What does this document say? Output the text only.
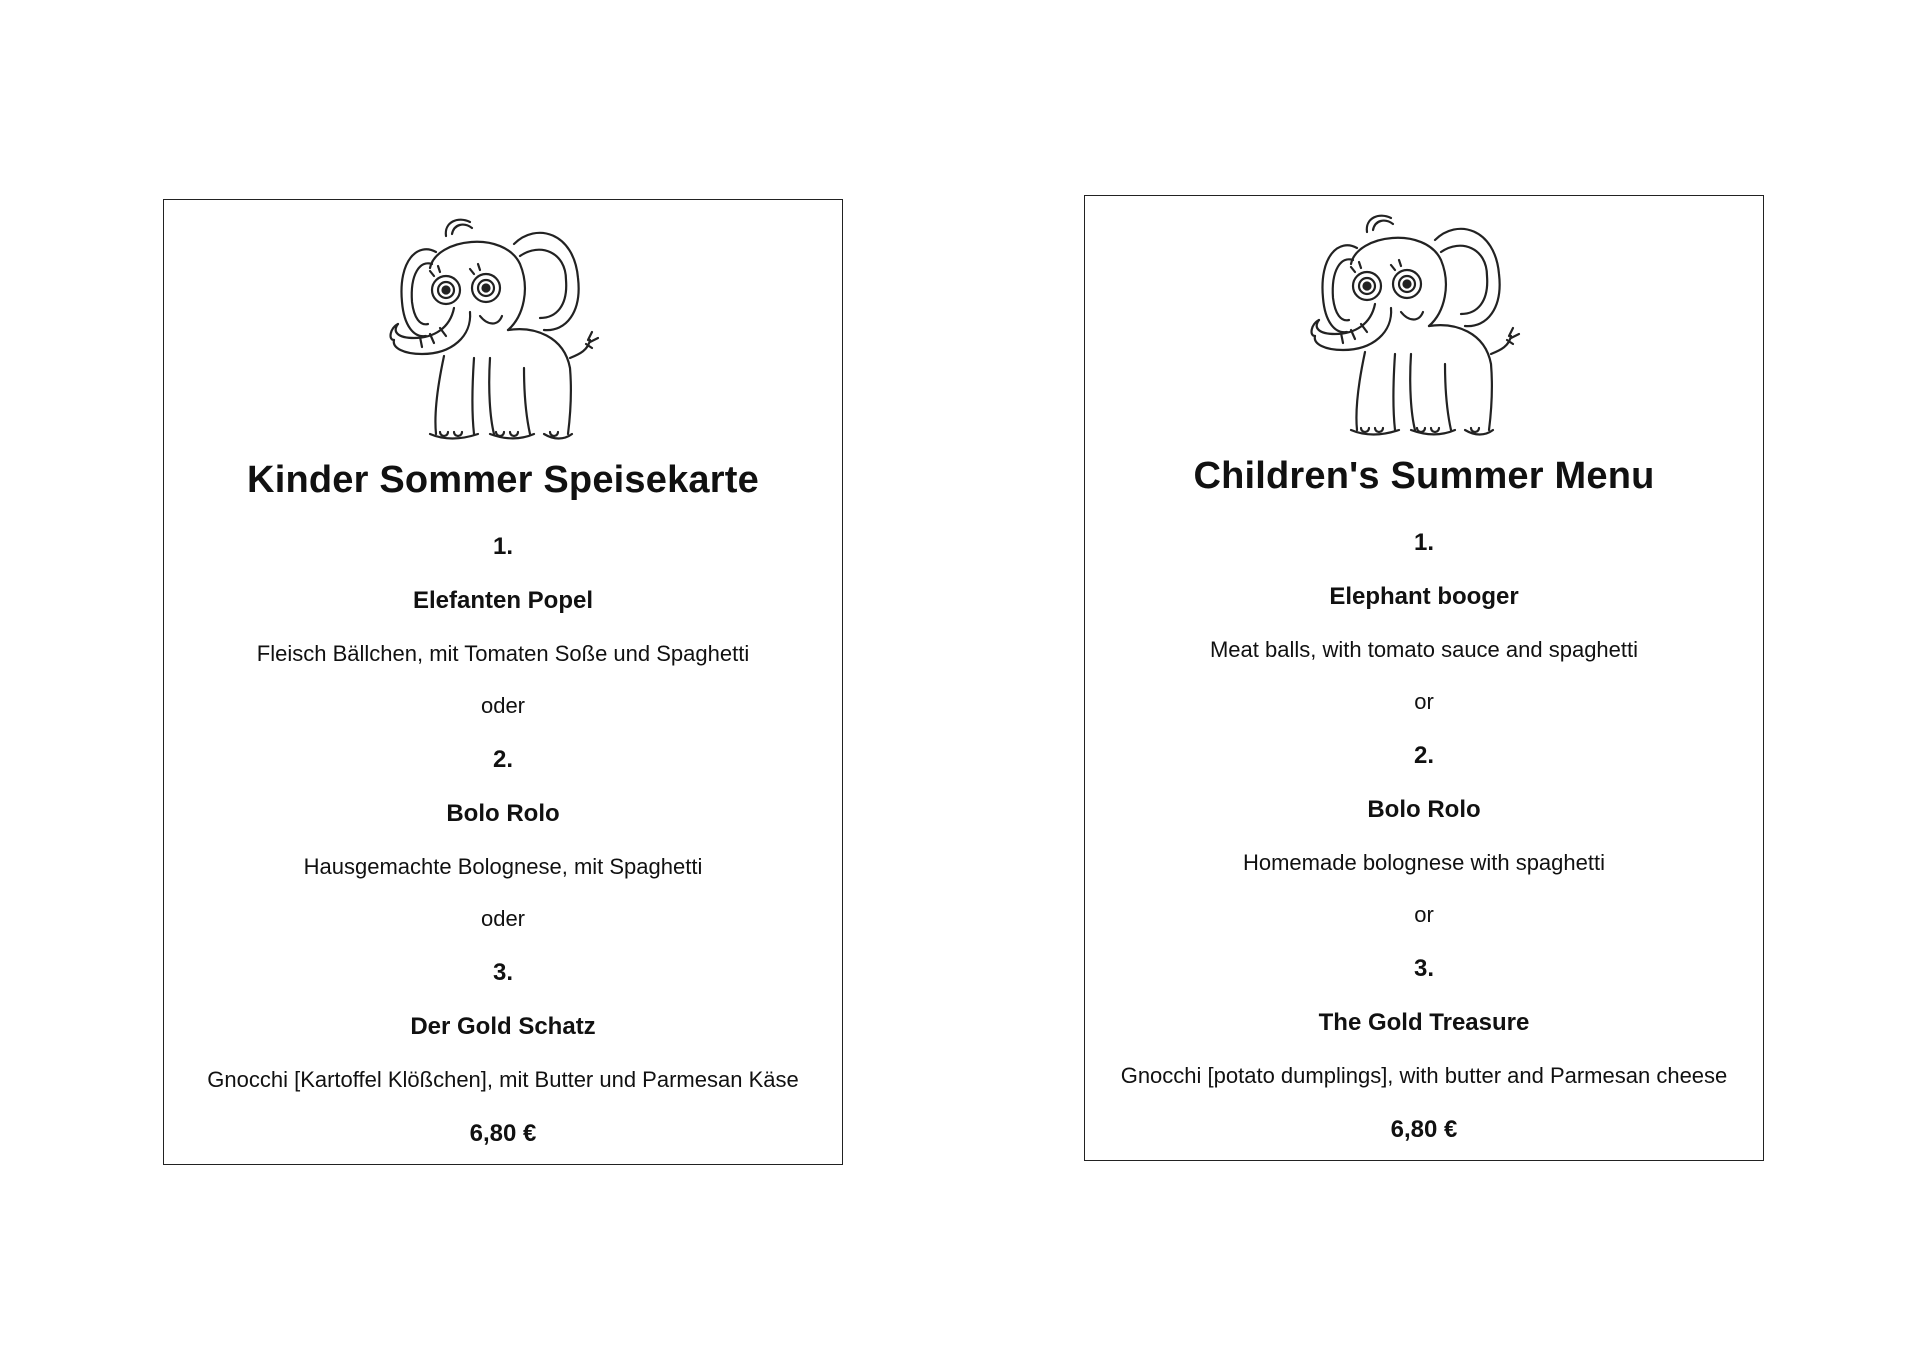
Kinder Sommer Speisekarte
1.
Elefanten Popel
Fleisch Bällchen, mit Tomaten Soße und Spaghetti
oder
2.
Bolo Rolo
Hausgemachte Bolognese, mit Spaghetti
oder
3.
Der Gold Schatz
Gnocchi [Kartoffel Klößchen], mit Butter und Parmesan Käse
6,80 €
Children's Summer Menu
1.
Elephant booger
Meat balls, with tomato sauce and spaghetti
or
2.
Bolo Rolo
Homemade bolognese with spaghetti
or
3.
The Gold Treasure
Gnocchi [potato dumplings], with butter and Parmesan cheese
6,80 €
